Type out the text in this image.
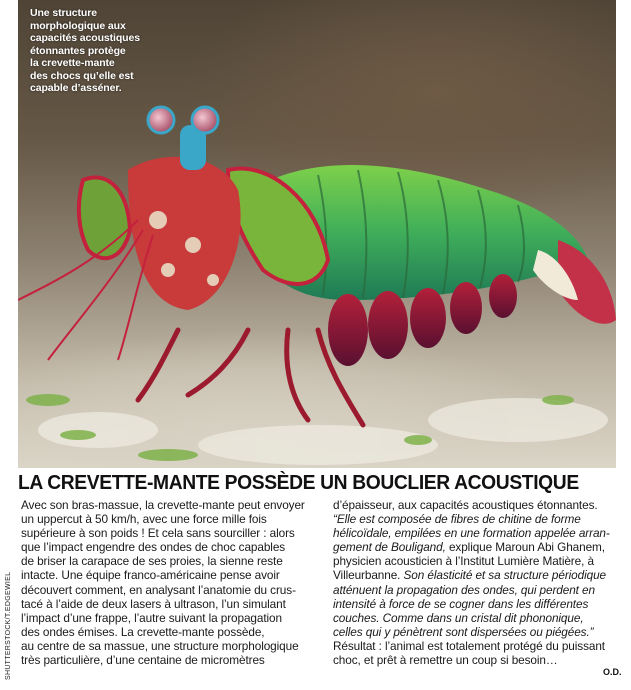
Une structure
morphologique aux
capacités acoustiques
étonnantes protège
la crevette-mante
des chocs qu’elle est
capable d’asséner.
LA CREVETTE-MANTE POSSÈDE UN BOUCLIER ACOUSTIQUE
SHUTTERSTOCK/T.EDGEWIEL
Avec son bras-massue, la crevette-mante peut envoyer
un uppercut à 50 km/h, avec une force mille fois
supérieure à son poids ! Et cela sans sourciller : alors
que l’impact engendre des ondes de choc capables
de briser la carapace de ses proies, la sienne reste
intacte. Une équipe franco-américaine pense avoir
découvert comment, en analysant l’anatomie du crus-
tacé à l’aide de deux lasers à ultrason, l’un simulant
l’impact d’une frappe, l’autre suivant la propagation
des ondes émises. La crevette-mante possède,
au centre de sa massue, une structure morphologique
très particulière, d’une centaine de micromètres
d’épaisseur, aux capacités acoustiques étonnantes.
“Elle est composée de fibres de chitine de forme
hélicoïdale, empilées en une formation appelée arran-
gement de Bouligand, explique Maroun Abi Ghanem,
physicien acousticien à l’Institut Lumière Matière, à
Villeurbanne. Son élasticité et sa structure périodique
atténuent la propagation des ondes, qui perdent en
intensité à force de se cogner dans les différentes
couches. Comme dans un cristal dit phononique,
celles qui y pénètrent sont dispersées ou piégées.”
Résultat : l’animal est totalement protégé du puissant
choc, et prêt à remettre un coup si besoin…
O.D.
